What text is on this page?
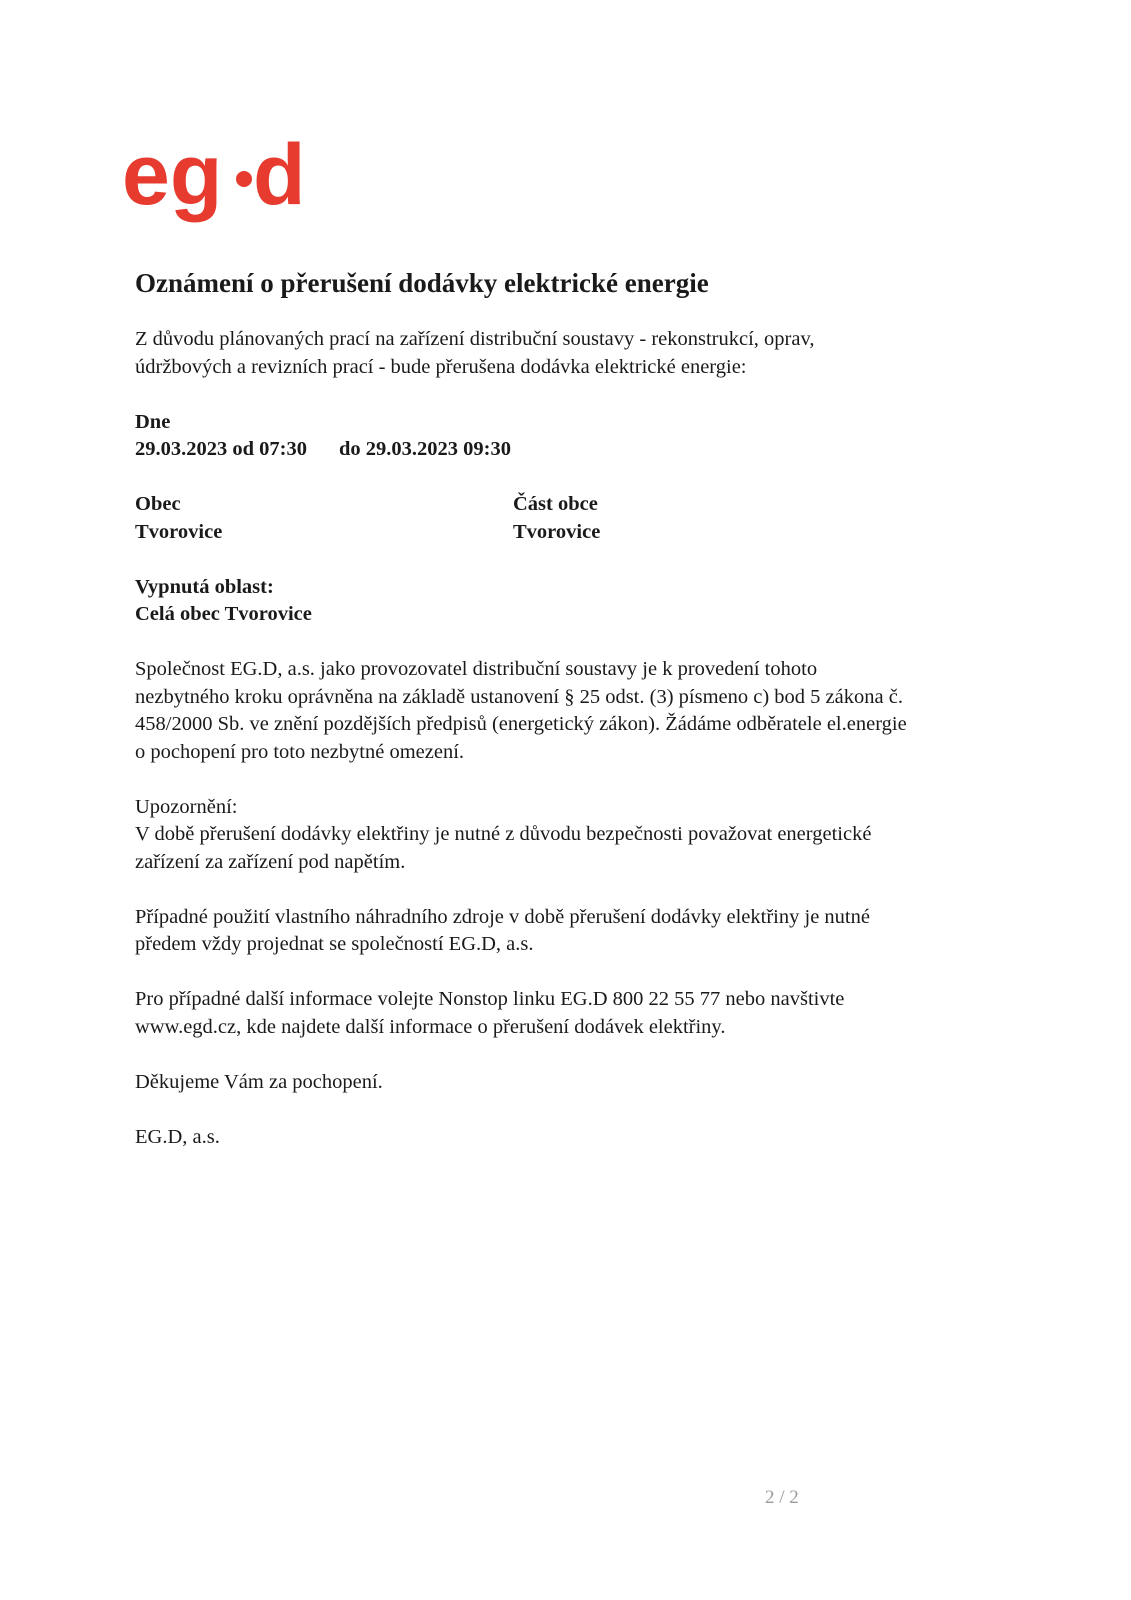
eg d
Oznámení o přerušení dodávky elektrické energie
Z důvodu plánovaných prací na zařízení distribuční soustavy - rekonstrukcí, oprav,
údržbových a revizních prací - bude přerušena dodávka elektrické energie:
Dne
29.03.2023 od 07:30 do 29.03.2023 09:30
Obec
Tvorovice
Část obce
Tvorovice
Vypnutá oblast:
Celá obec Tvorovice
Společnost EG.D, a.s. jako provozovatel distribuční soustavy je k provedení tohoto
nezbytného kroku oprávněna na základě ustanovení § 25 odst. (3) písmeno c) bod 5 zákona č.
458/2000 Sb. ve znění pozdějších předpisů (energetický zákon). Žádáme odběratele el.energie
o pochopení pro toto nezbytné omezení.
Upozornění:
V době přerušení dodávky elektřiny je nutné z důvodu bezpečnosti považovat energetické
zařízení za zařízení pod napětím.
Případné použití vlastního náhradního zdroje v době přerušení dodávky elektřiny je nutné
předem vždy projednat se společností EG.D, a.s.
Pro případné další informace volejte Nonstop linku EG.D 800 22 55 77 nebo navštivte
www.egd.cz, kde najdete další informace o přerušení dodávek elektřiny.
Děkujeme Vám za pochopení.
EG.D, a.s.
2 / 2
